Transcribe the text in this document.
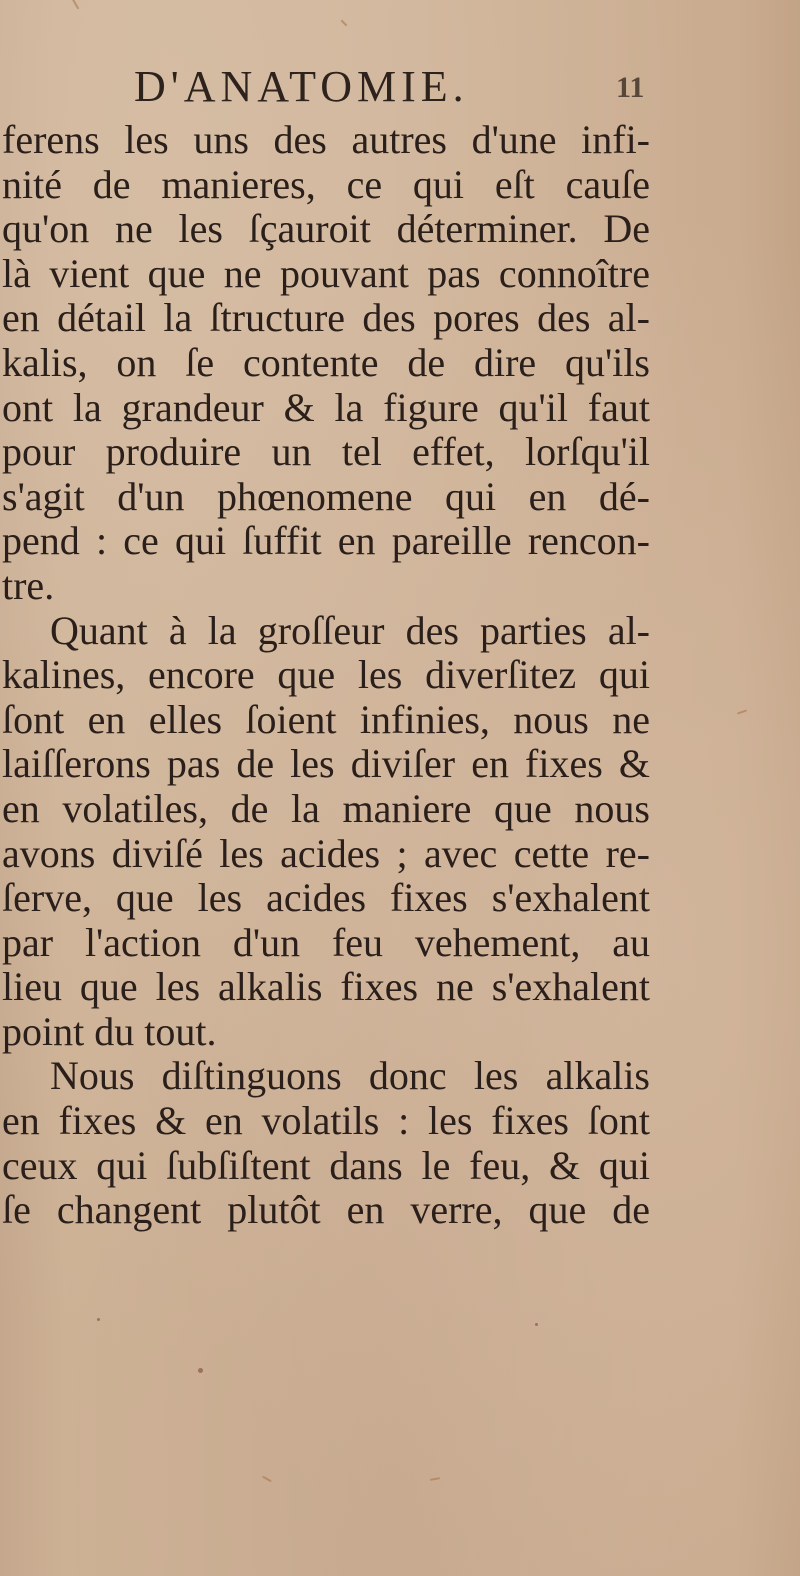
D'ANATOMIE.	11
ferens les uns des autres d'une infi-
nité de manieres, ce qui eſt cauſe
qu'on ne les ſçauroit déterminer. De
là vient que ne pouvant pas connoître
en détail la ſtructure des pores des al-
kalis, on ſe contente de dire qu'ils
ont la grandeur & la figure qu'il faut
pour produire un tel effet, lorſqu'il
s'agit d'un phœnomene qui en dé-
pend : ce qui ſuffit en pareille rencon-
tre.
Quant à la groſſeur des parties al-
kalines, encore que les diverſitez qui
ſont en elles ſoient infinies, nous ne
laiſſerons pas de les diviſer en fixes &
en volatiles, de la maniere que nous
avons diviſé les acides ; avec cette re-
ſerve, que les acides fixes s'exhalent
par l'action d'un feu vehement, au
lieu que les alkalis fixes ne s'exhalent
point du tout.
Nous diſtinguons donc les alkalis
en fixes & en volatils : les fixes ſont
ceux qui ſubſiſtent dans le feu, & qui
ſe changent plutôt en verre, que de
